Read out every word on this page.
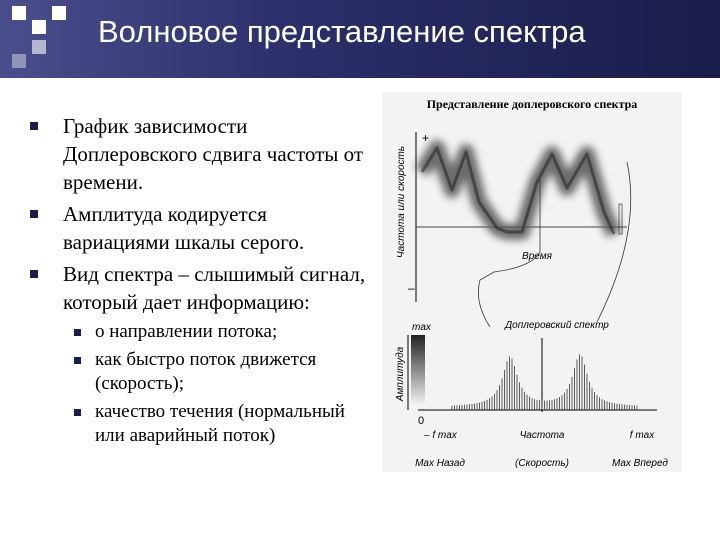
Волновое представление спектра
График зависимости Доплеровского сдвига частоты от времени.
Амплитуда кодируется вариациями шкалы серого.
Вид спектра – слышимый сигнал, который дает информацию:
о направлении потока;
как быстро поток движется (скорость);
качество течения (нормальный или аварийный поток)
Представление доплеровского спектра
+
–
Частота или скорость	Время
Доплеровский спектр
max
Амплитуда
0
– f max	Частота	f max
Max Назад	(Скорость)	Max Вперед
